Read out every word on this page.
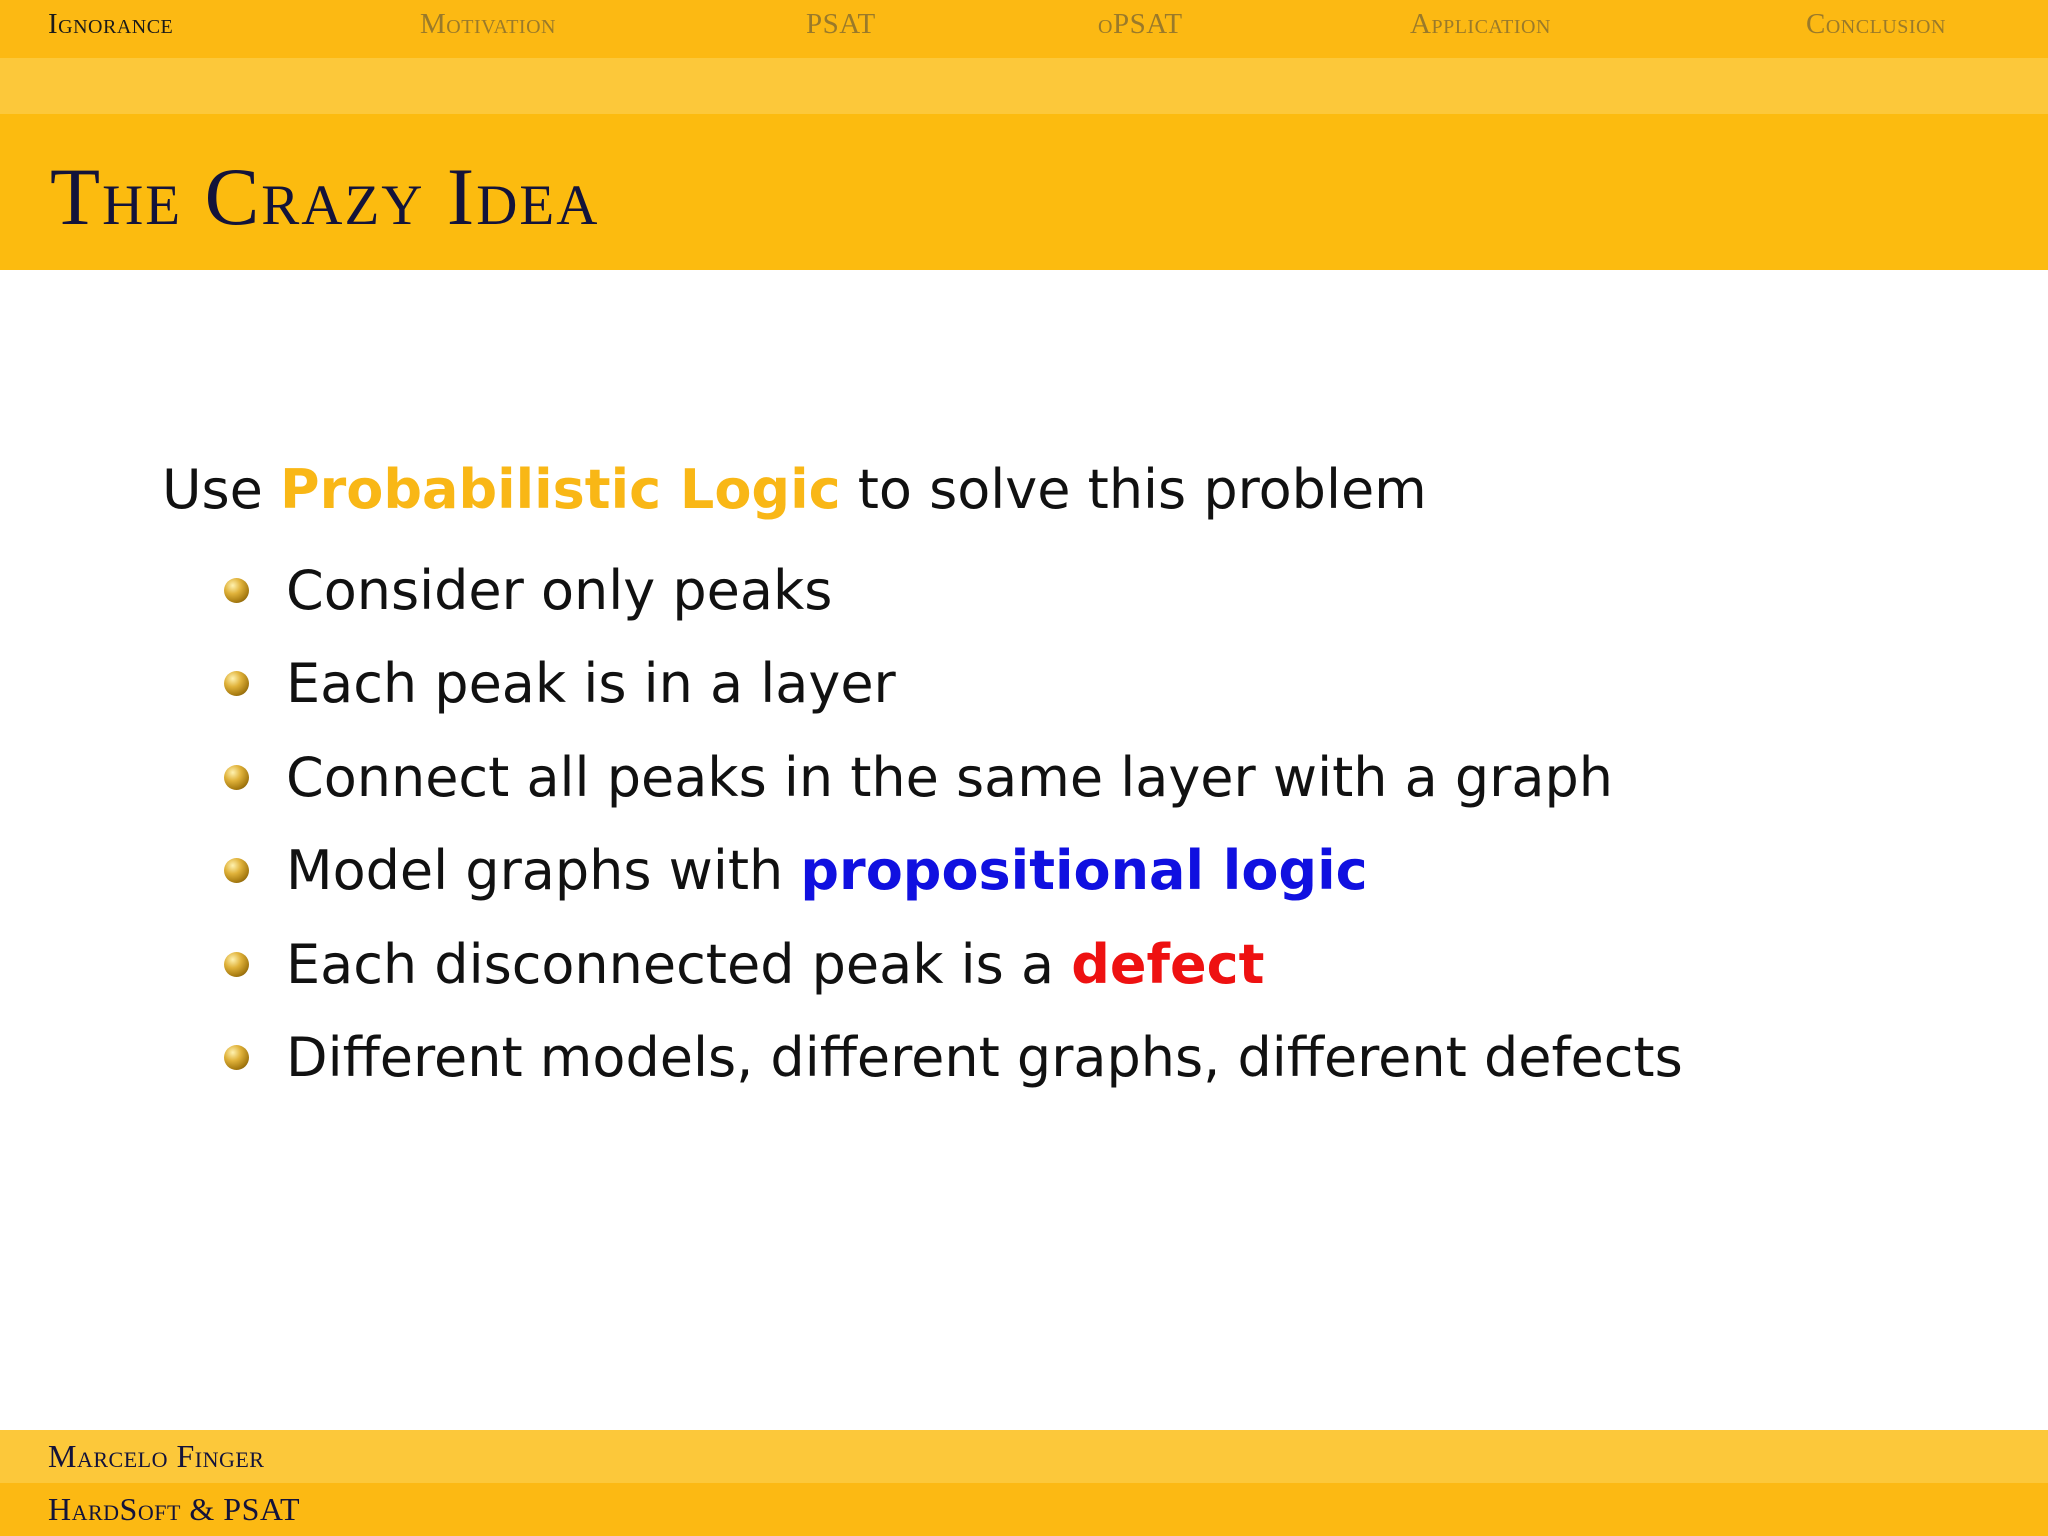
Ignorance	Motivation	PSAT	oPSAT	Application	Conclusion
The Crazy Idea
Use Probabilistic Logic to solve this problem
Consider only peaks
Each peak is in a layer
Connect all peaks in the same layer with a graph
Model graphs with propositional logic
Each disconnected peak is a defect
Different models, different graphs, different defects
Marcelo Finger
HardSoft & PSAT
